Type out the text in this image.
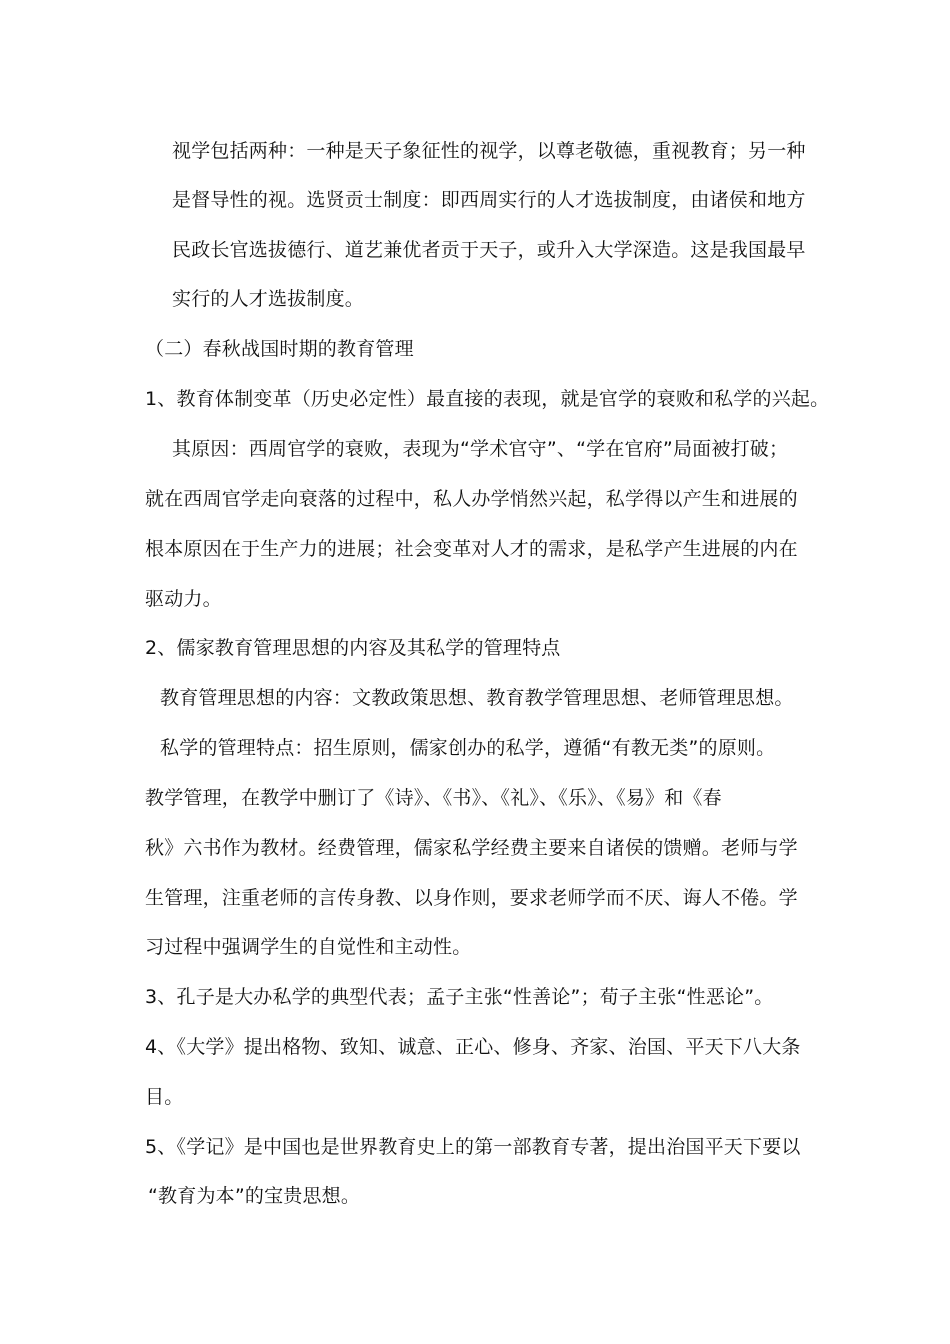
视学包括两种：一种是天子象征性的视学，以尊老敬德，重视教育；另一种
是督导性的视。选贤贡士制度：即西周实行的人才选拔制度，由诸侯和地方
民政长官选拔德行、道艺兼优者贡于天子，或升入大学深造。这是我国最早
实行的人才选拔制度。
（二）春秋战国时期的教育管理
1、教育体制变革（历史必定性）最直接的表现，就是官学的衰败和私学的兴起。
其原因：西周官学的衰败，表现为“学术官守”、“学在官府”局面被打破；
就在西周官学走向衰落的过程中，私人办学悄然兴起，私学得以产生和进展的
根本原因在于生产力的进展；社会变革对人才的需求，是私学产生进展的内在
驱动力。
2、儒家教育管理思想的内容及其私学的管理特点
教育管理思想的内容：文教政策思想、教育教学管理思想、老师管理思想。
私学的管理特点：招生原则，儒家创办的私学，遵循“有教无类”的原则。
教学管理，在教学中删订了《诗》、《书》、《礼》、《乐》、《易》和《春
秋》六书作为教材。经费管理，儒家私学经费主要来自诸侯的馈赠。老师与学
生管理，注重老师的言传身教、以身作则，要求老师学而不厌、诲人不倦。学
习过程中强调学生的自觉性和主动性。
3、孔子是大办私学的典型代表；孟子主张“性善论”；荀子主张“性恶论”。
4、《大学》提出格物、致知、诚意、正心、修身、齐家、治国、平天下八大条
目。
5、《学记》是中国也是世界教育史上的第一部教育专著，提出治国平天下要以
“教育为本”的宝贵思想。
